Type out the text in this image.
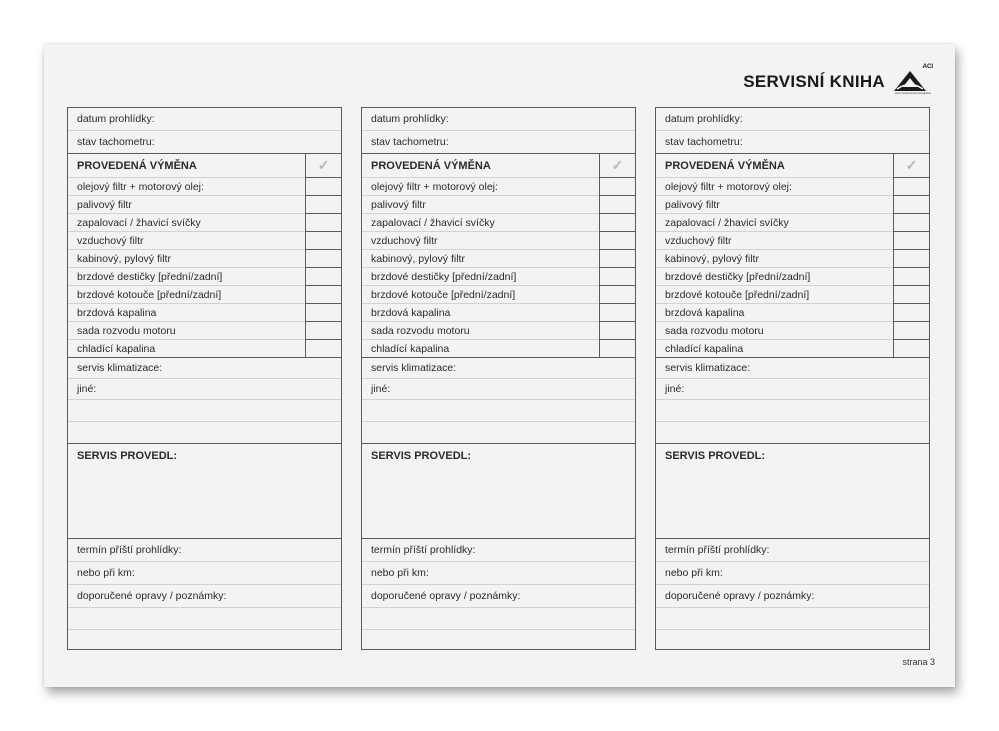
SERVISNÍ KNIHA
ACI
Auto Components International
datum prohlídky:
stav tachometru:
PROVEDENÁ VÝMĚNA	✓
olejový filtr + motorový olej:
palivový filtr
zapalovací / žhavicí svíčky
vzduchový filtr
kabinový, pylový filtr
brzdové destičky [přední/zadní]
brzdové kotouče [přední/zadní]
brzdová kapalina
sada rozvodu motoru
chladící kapalina
servis klimatizace:
jiné:
SERVIS PROVEDL:
termín příští prohlídky:
nebo při km:
doporučené opravy / poznámky:
datum prohlídky:
stav tachometru:
PROVEDENÁ VÝMĚNA	✓
olejový filtr + motorový olej:
palivový filtr
zapalovací / žhavicí svíčky
vzduchový filtr
kabinový, pylový filtr
brzdové destičky [přední/zadní]
brzdové kotouče [přední/zadní]
brzdová kapalina
sada rozvodu motoru
chladící kapalina
servis klimatizace:
jiné:
SERVIS PROVEDL:
termín příští prohlídky:
nebo při km:
doporučené opravy / poznámky:
datum prohlídky:
stav tachometru:
PROVEDENÁ VÝMĚNA	✓
olejový filtr + motorový olej:
palivový filtr
zapalovací / žhavicí svíčky
vzduchový filtr
kabinový, pylový filtr
brzdové destičky [přední/zadní]
brzdové kotouče [přední/zadní]
brzdová kapalina
sada rozvodu motoru
chladící kapalina
servis klimatizace:
jiné:
SERVIS PROVEDL:
termín příští prohlídky:
nebo při km:
doporučené opravy / poznámky:
strana 3
